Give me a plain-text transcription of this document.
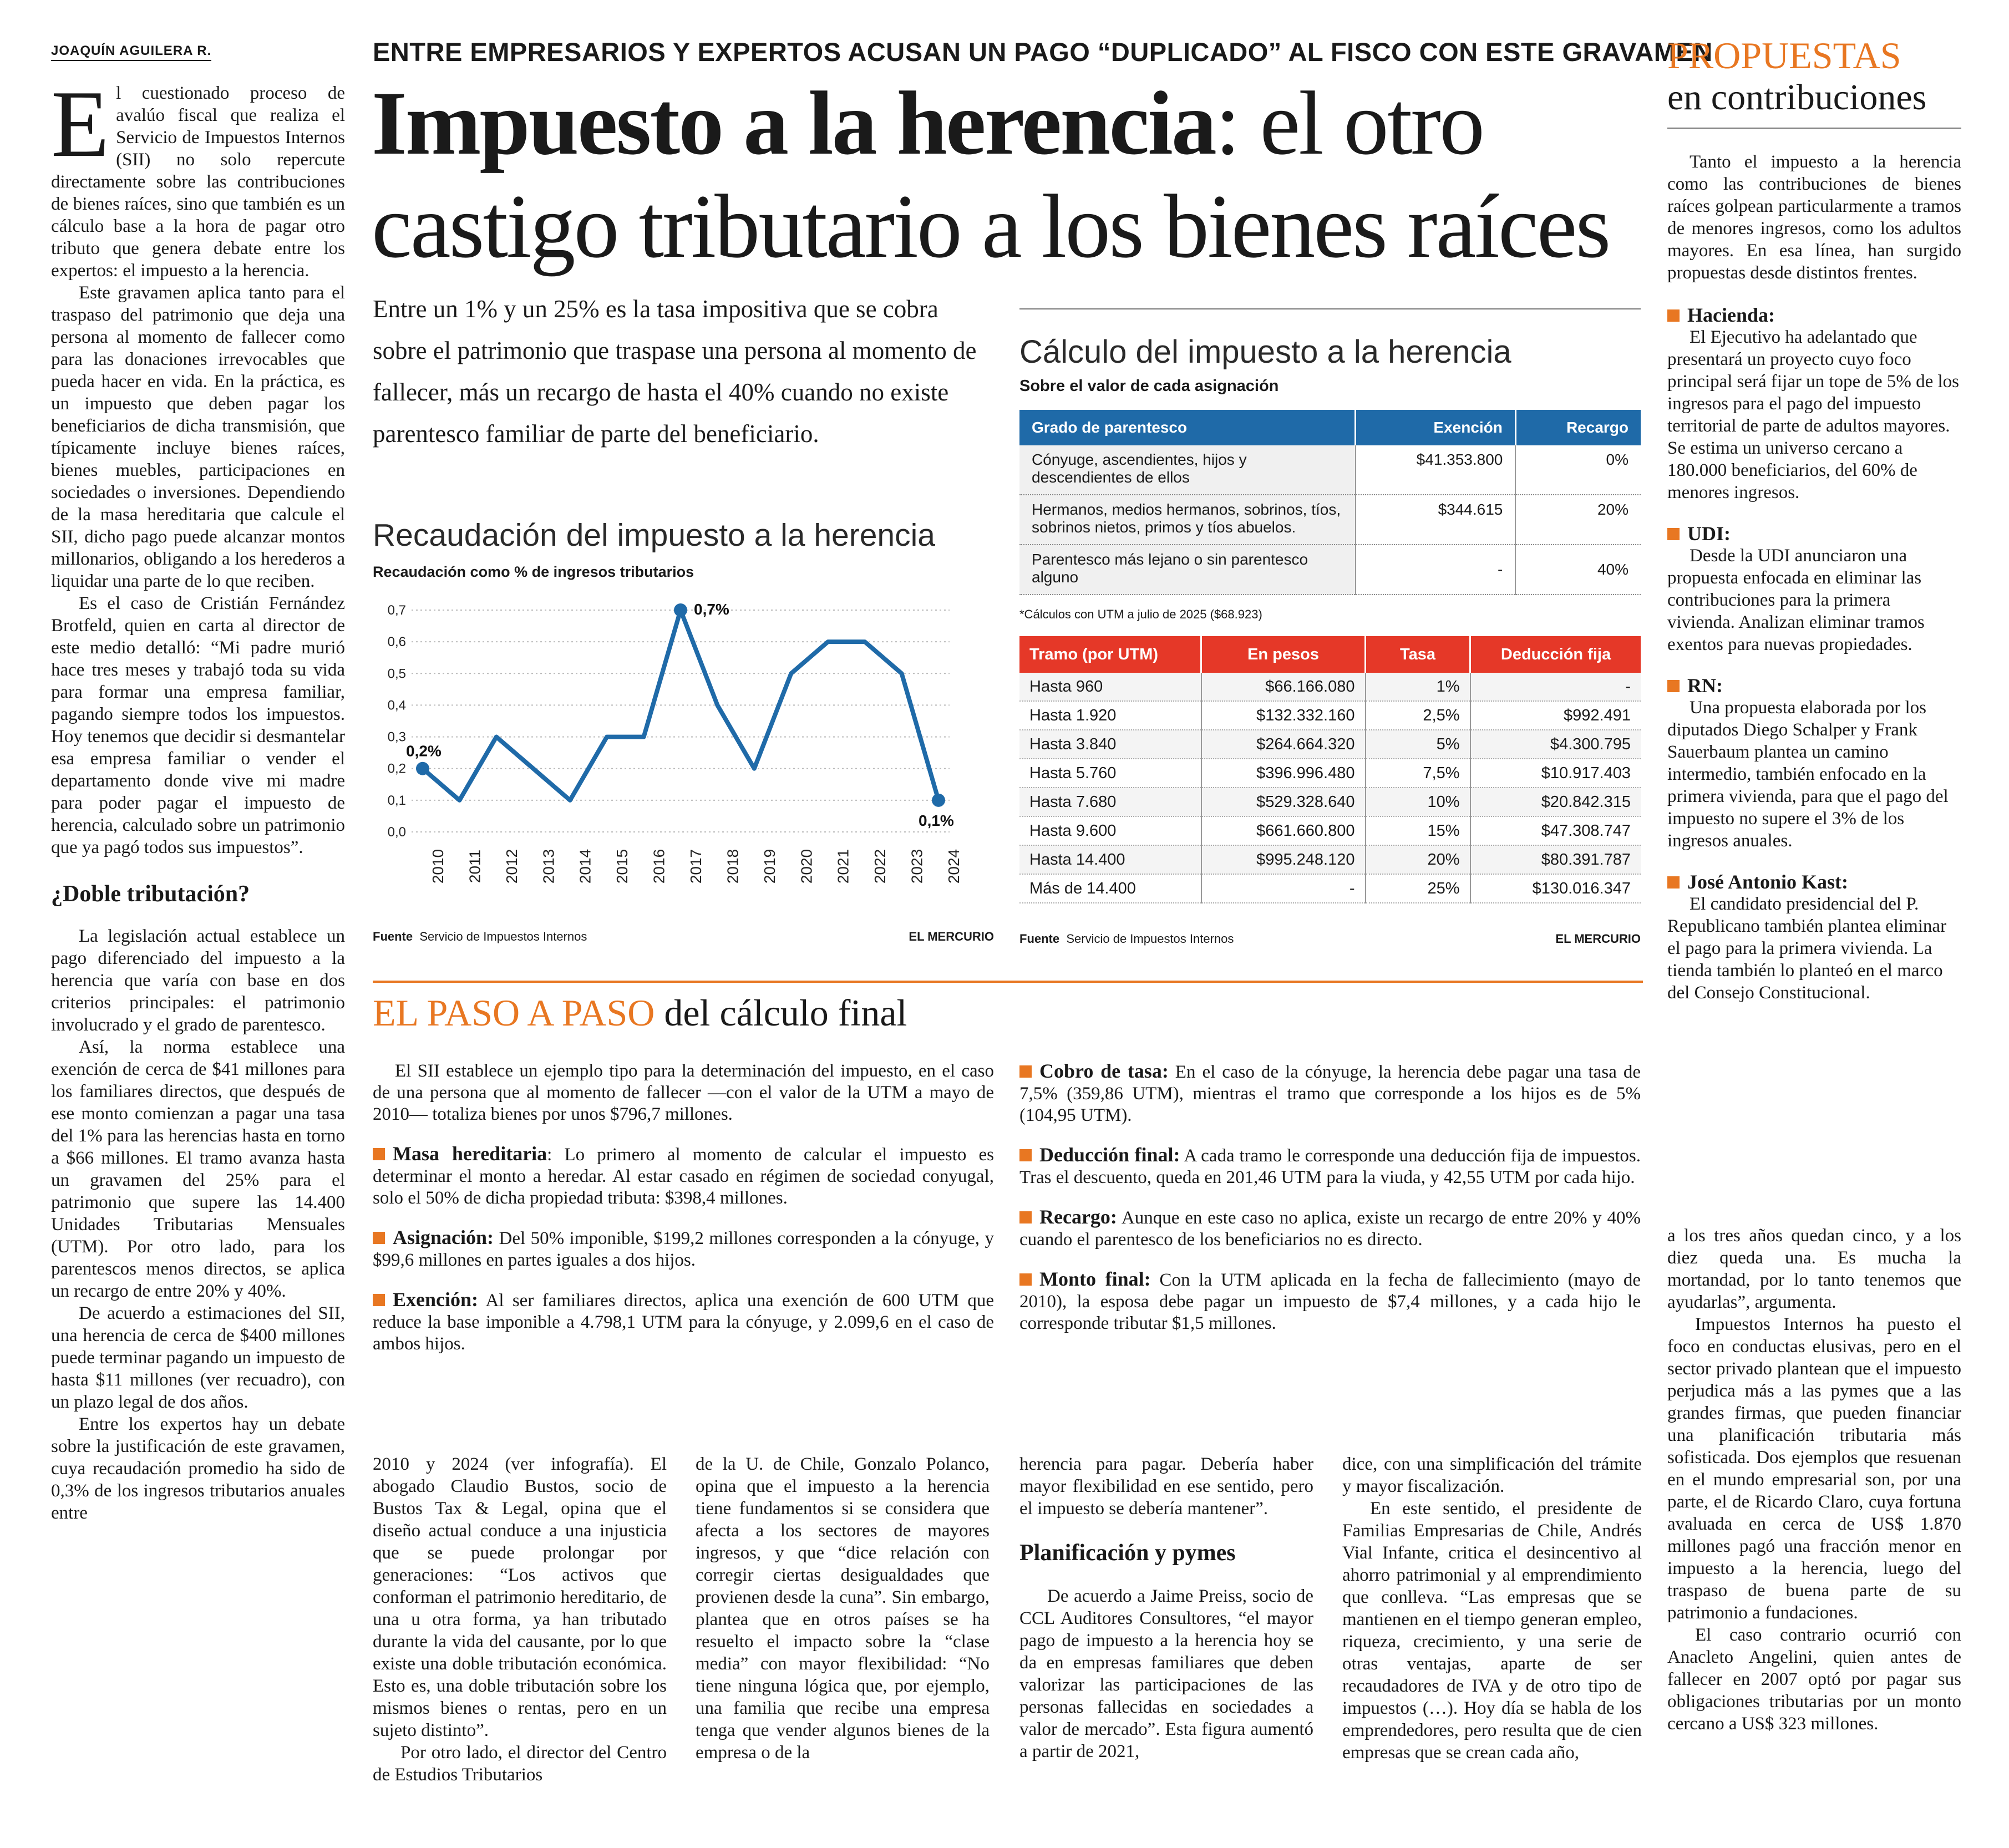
JOAQUÍN AGUILERA R.	ENTRE EMPRESARIOS Y EXPERTOS ACUSAN UN PAGO “DUPLICADO” AL FISCO CON ESTE GRAVAMEN
Impuesto a la herencia: el otro
castigo tributario a los bienes raíces
Entre un 1% y un 25% es la tasa impositiva que se cobra sobre el patrimonio que traspase una persona al momento de fallecer, más un recargo de hasta el 40% cuando no existe parentesco familiar de parte del beneficiario.

El cuestionado proceso de avalúo fiscal que realiza el Servicio de Impuestos Internos (SII) no solo repercute directamente sobre las contribuciones de bienes raíces, sino que también es un cálculo base a la hora de pagar otro tributo que genera debate entre los expertos: el impuesto a la herencia.

Este gravamen aplica tanto para el traspaso del patrimonio que deja una persona al momento de fallecer como para las donaciones irrevocables que pueda hacer en vida. En la práctica, es un impuesto que deben pagar los beneficiarios de dicha transmisión, que típicamente incluye bienes raíces, bienes muebles, participaciones en sociedades o inversiones. Dependiendo de la masa hereditaria que calcule el SII, dicho pago puede alcanzar montos millonarios, obligando a los herederos a liquidar una parte de lo que reciben.

Es el caso de Cristián Fernández Brotfeld, quien en carta al director de este medio detalló: “Mi padre murió hace tres meses y trabajó toda su vida para formar una empresa familiar, pagando siempre todos los impuestos. Hoy tenemos que decidir si desmantelar esa empresa familiar o vender el departamento donde vive mi madre para poder pagar el impuesto de herencia, calculado sobre un patrimonio que ya pagó todos sus impuestos”.

¿Doble tributación?

La legislación actual establece un pago diferenciado del impuesto a la herencia que varía con base en dos criterios principales: el patrimonio involucrado y el grado de parentesco.

Así, la norma establece una exención de cerca de $41 millones para los familiares directos, que después de ese monto comienzan a pagar una tasa del 1% para las herencias hasta en torno a $66 millones. El tramo avanza hasta un gravamen del 25% para el patrimonio que supere las 14.400 Unidades Tributarias Mensuales (UTM). Por otro lado, para los parentescos menos directos, se aplica un recargo de entre 20% y 40%.

De acuerdo a estimaciones del SII, una herencia de cerca de $400 millones puede terminar pagando un impuesto de hasta $11 millones (ver recuadro), con un plazo legal de dos años.

Entre los expertos hay un debate sobre la justificación de este gravamen, cuya recaudación promedio ha sido de 0,3% de los ingresos tributarios anuales entre

Recaudación del impuesto a la herencia
Recaudación como % de ingresos tributarios
0,0
0,1
0,2
0,3
0,4
0,5
0,6
0,7
2010 2011 2012 2013 2014 2015 2016 2017 2018 2019 2020 2021 2022 2023 2024
0,2%
0,7%
0,1%
Fuente Servicio de Impuestos Internos	EL MERCURIO
Cálculo del impuesto a la herencia
Sobre el valor de cada asignación
Grado de parentesco	Exención	Recargo
Cónyuge, ascendientes, hijos y descendientes de ellos	$41.353.800	0%
Hermanos, medios hermanos, sobrinos, tíos, sobrinos nietos, primos y tíos abuelos.	$344.615	20%
Parentesco más lejano o sin parentesco alguno	-	40%
*Cálculos con UTM a julio de 2025 ($68.923)
Tramo (por UTM)	En pesos	Tasa	Deducción fija
Hasta 960	$66.166.080	1%	-
Hasta 1.920	$132.332.160	2,5%	$992.491
Hasta 3.840	$264.664.320	5%	$4.300.795
Hasta 5.760	$396.996.480	7,5%	$10.917.403
Hasta 7.680	$529.328.640	10%	$20.842.315
Hasta 9.600	$661.660.800	15%	$47.308.747
Hasta 14.400	$995.248.120	20%	$80.391.787
Más de 14.400	-	25%	$130.016.347
Fuente Servicio de Impuestos Internos	EL MERCURIO
EL PASO A PASO del cálculo final

El SII establece un ejemplo tipo para la determinación del impuesto, en el caso de una persona que al momento de fallecer —con el valor de la UTM a mayo de 2010— totaliza bienes por unos $796,7 millones.

Masa hereditaria: Lo primero al momento de calcular el impuesto es determinar el monto a heredar. Al estar casado en régimen de sociedad conyugal, solo el 50% de dicha propiedad tributa: $398,4 millones.

Asignación: Del 50% imponible, $199,2 millones corresponden a la cónyuge, y $99,6 millones en partes iguales a dos hijos.

Exención: Al ser familiares directos, aplica una exención de 600 UTM que reduce la base imponible a 4.798,1 UTM para la cónyuge, y 2.099,6 en el caso de ambos hijos.

Cobro de tasa: En el caso de la cónyuge, la herencia debe pagar una tasa de 7,5% (359,86 UTM), mientras el tramo que corresponde a los hijos es de 5% (104,95 UTM).

Deducción final: A cada tramo le corresponde una deducción fija de impuestos. Tras el descuento, queda en 201,46 UTM para la viuda, y 42,55 UTM por cada hijo.

Recargo: Aunque en este caso no aplica, existe un recargo de entre 20% y 40% cuando el parentesco de los beneficiarios no es directo.

Monto final: Con la UTM aplicada en la fecha de fallecimiento (mayo de 2010), la esposa debe pagar un impuesto de $7,4 millones, y a cada hijo le corresponde tributar $1,5 millones.

2010 y 2024 (ver infografía). El abogado Claudio Bustos, socio de Bustos Tax & Legal, opina que el diseño actual conduce a una injusticia que se puede prolongar por generaciones: “Los activos que conforman el patrimonio hereditario, de una u otra forma, ya han tributado durante la vida del causante, por lo que existe una doble tributación económica. Esto es, una doble tributación sobre los mismos bienes o rentas, pero en un sujeto distinto”.

Por otro lado, el director del Centro de Estudios Tributarios

de la U. de Chile, Gonzalo Polanco, opina que el impuesto a la herencia tiene fundamentos si se considera que afecta a los sectores de mayores ingresos, y que “dice relación con corregir ciertas desigualdades que provienen desde la cuna”. Sin embargo, plantea que en otros países se ha resuelto el impacto sobre la “clase media” con mayor flexibilidad: “No tiene ninguna lógica que, por ejemplo, una familia que recibe una empresa tenga que vender algunos bienes de la empresa o de la

herencia para pagar. Debería haber mayor flexibilidad en ese sentido, pero el impuesto se debería mantener”.

Planificación y pymes

De acuerdo a Jaime Preiss, socio de CCL Auditores Consultores, “el mayor pago de impuesto a la herencia hoy se da en empresas familiares que deben valorizar las participaciones de las personas fallecidas en sociedades a valor de mercado”. Esta figura aumentó a partir de 2021,

dice, con una simplificación del trámite y mayor fiscalización.

En este sentido, el presidente de Familias Empresarias de Chile, Andrés Vial Infante, critica el desincentivo al ahorro patrimonial y al emprendimiento que conlleva. “Las empresas que se mantienen en el tiempo generan empleo, riqueza, crecimiento, y una serie de otras ventajas, aparte de ser recaudadores de IVA y de otro tipo de impuestos (…). Hoy día se habla de los emprendedores, pero resulta que de cien empresas que se crean cada año,

PROPUESTAS
en contribuciones

Tanto el impuesto a la herencia como las contribuciones de bienes raíces golpean particularmente a tramos de menores ingresos, como los adultos mayores. En esa línea, han surgido propuestas desde distintos frentes.

Hacienda:
El Ejecutivo ha adelantado que presentará un proyecto cuyo foco principal será fijar un tope de 5% de los ingresos para el pago del impuesto territorial de parte de adultos mayores. Se estima un universo cercano a 180.000 beneficiarios, del 60% de menores ingresos.
UDI:
Desde la UDI anunciaron una propuesta enfocada en eliminar las contribuciones para la primera vivienda. Analizan eliminar tramos exentos para nuevas propiedades.
RN:
Una propuesta elaborada por los diputados Diego Schalper y Frank Sauerbaum plantea un camino intermedio, también enfocado en la primera vivienda, para que el pago del impuesto no supere el 3% de los ingresos anuales.
José Antonio Kast:
El candidato presidencial del P. Republicano también plantea eliminar el pago para la primera vivienda. La tienda también lo planteó en el marco del Consejo Constitucional.

a los tres años quedan cinco, y a los diez queda una. Es mucha la mortandad, por lo tanto tenemos que ayudarlas”, argumenta.

Impuestos Internos ha puesto el foco en conductas elusivas, pero en el sector privado plantean que el impuesto perjudica más a las pymes que a las grandes firmas, que pueden financiar una planificación tributaria más sofisticada. Dos ejemplos que resuenan en el mundo empresarial son, por una parte, el de Ricardo Claro, cuya fortuna avaluada en cerca de US$ 1.870 millones pagó una fracción menor en impuesto a la herencia, luego del traspaso de buena parte de su patrimonio a fundaciones.

El caso contrario ocurrió con Anacleto Angelini, quien antes de fallecer en 2007 optó por pagar sus obligaciones tributarias por un monto cercano a US$ 323 millones.
